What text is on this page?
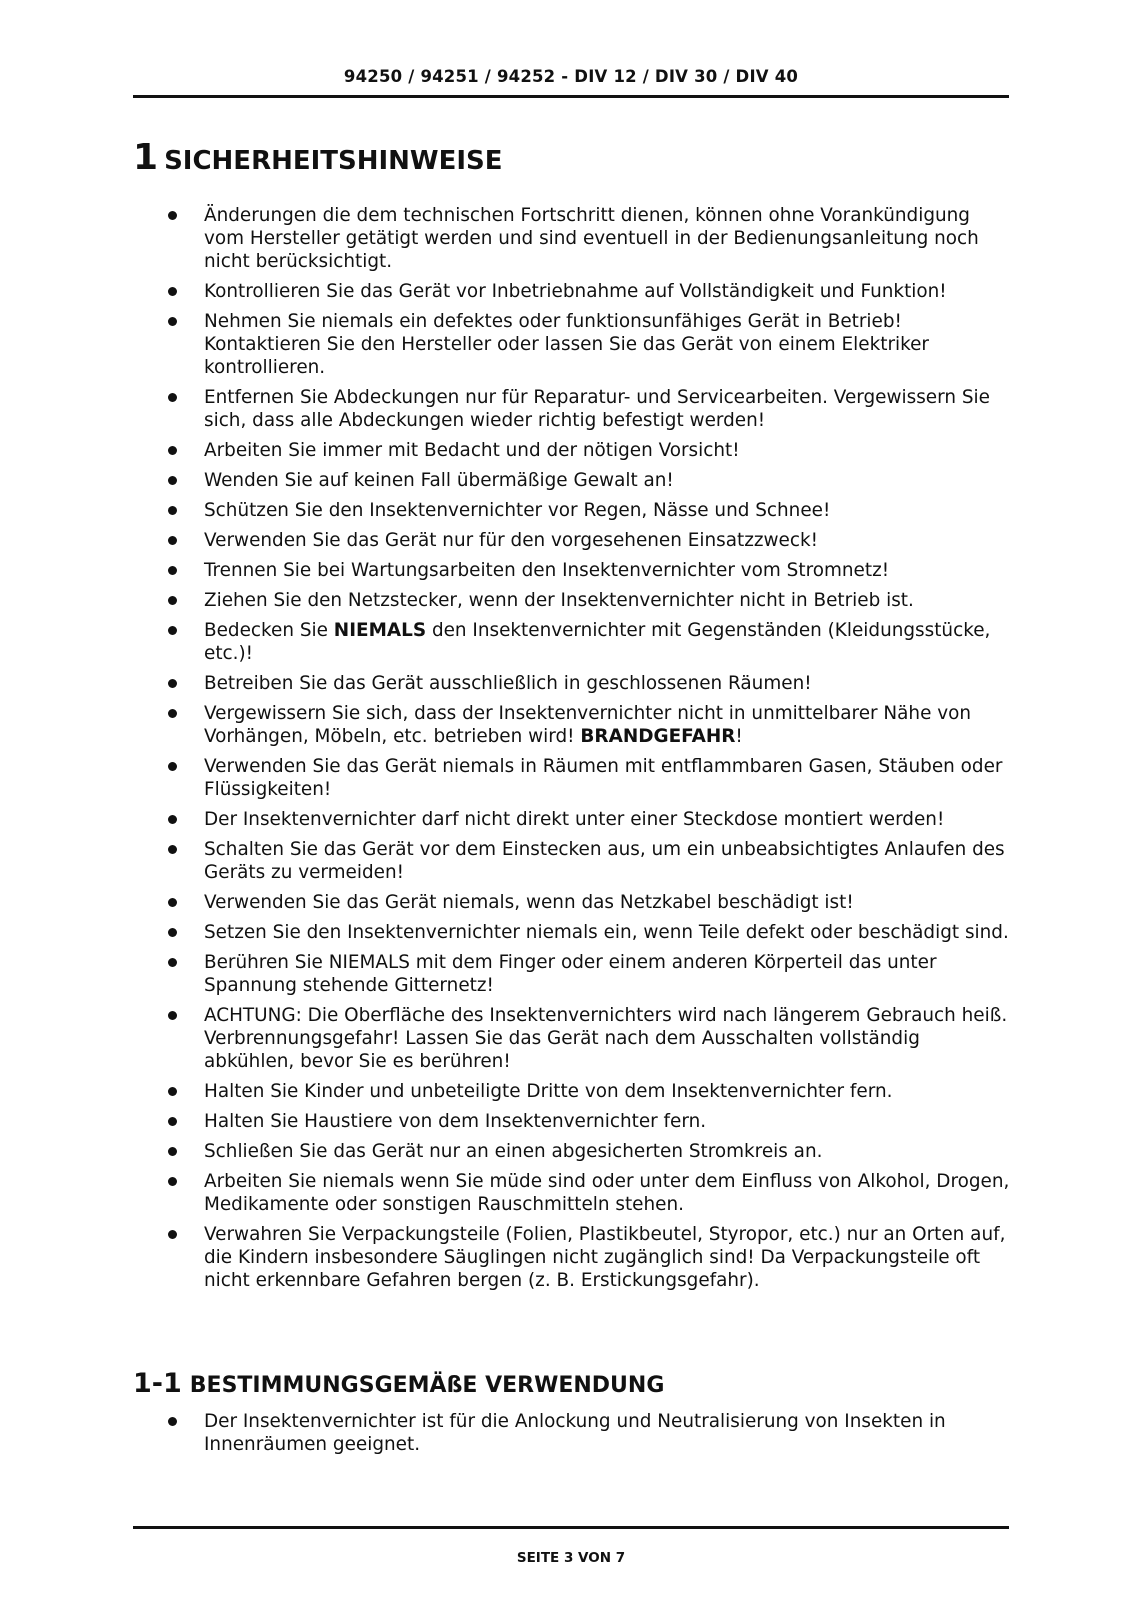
94250 / 94251 / 94252 - DIV 12 / DIV 30 / DIV 40
1 SICHERHEITSHINWEISE
Änderungen die dem technischen Fortschritt dienen, können ohne Vorankündigung vom Hersteller getätigt werden und sind eventuell in der Bedienungsanleitung noch nicht berücksichtigt.
Kontrollieren Sie das Gerät vor Inbetriebnahme auf Vollständigkeit und Funktion!
Nehmen Sie niemals ein defektes oder funktionsunfähiges Gerät in Betrieb! Kontaktieren Sie den Hersteller oder lassen Sie das Gerät von einem Elektriker kontrollieren.
Entfernen Sie Abdeckungen nur für Reparatur- und Servicearbeiten. Vergewissern Sie sich, dass alle Abdeckungen wieder richtig befestigt werden!
Arbeiten Sie immer mit Bedacht und der nötigen Vorsicht!
Wenden Sie auf keinen Fall übermäßige Gewalt an!
Schützen Sie den Insektenvernichter vor Regen, Nässe und Schnee!
Verwenden Sie das Gerät nur für den vorgesehenen Einsatzzweck!
Trennen Sie bei Wartungsarbeiten den Insektenvernichter vom Stromnetz!
Ziehen Sie den Netzstecker, wenn der Insektenvernichter nicht in Betrieb ist.
Bedecken Sie NIEMALS den Insektenvernichter mit Gegenständen (Kleidungsstücke, etc.)!
Betreiben Sie das Gerät ausschließlich in geschlossenen Räumen!
Vergewissern Sie sich, dass der Insektenvernichter nicht in unmittelbarer Nähe von Vorhängen, Möbeln, etc. betrieben wird! BRANDGEFAHR!
Verwenden Sie das Gerät niemals in Räumen mit entflammbaren Gasen, Stäuben oder Flüssigkeiten!
Der Insektenvernichter darf nicht direkt unter einer Steckdose montiert werden!
Schalten Sie das Gerät vor dem Einstecken aus, um ein unbeabsichtigtes Anlaufen des Geräts zu vermeiden!
Verwenden Sie das Gerät niemals, wenn das Netzkabel beschädigt ist!
Setzen Sie den Insektenvernichter niemals ein, wenn Teile defekt oder beschädigt sind.
Berühren Sie NIEMALS mit dem Finger oder einem anderen Körperteil das unter Spannung stehende Gitternetz!
ACHTUNG: Die Oberfläche des Insektenvernichters wird nach längerem Gebrauch heiß. Verbrennungsgefahr! Lassen Sie das Gerät nach dem Ausschalten vollständig abkühlen, bevor Sie es berühren!
Halten Sie Kinder und unbeteiligte Dritte von dem Insektenvernichter fern.
Halten Sie Haustiere von dem Insektenvernichter fern.
Schließen Sie das Gerät nur an einen abgesicherten Stromkreis an.
Arbeiten Sie niemals wenn Sie müde sind oder unter dem Einfluss von Alkohol, Drogen, Medikamente oder sonstigen Rauschmitteln stehen.
Verwahren Sie Verpackungsteile (Folien, Plastikbeutel, Styropor, etc.) nur an Orten auf, die Kindern insbesondere Säuglingen nicht zugänglich sind! Da Verpackungsteile oft nicht erkennbare Gefahren bergen (z. B. Erstickungsgefahr).
1-1 BESTIMMUNGSGEMÄßE VERWENDUNG
Der Insektenvernichter ist für die Anlockung und Neutralisierung von Insekten in Innenräumen geeignet.
SEITE 3 VON 7
